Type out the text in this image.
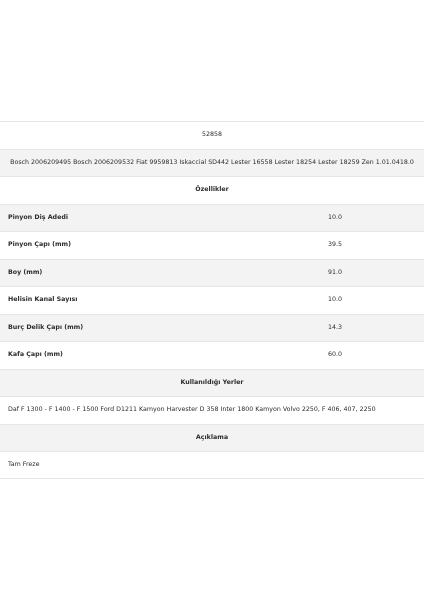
52858
Bosch 2006209495 Bosch 2006209532 Fiat 9959813 Iskaccial SD442 Lester 16558 Lester 18254 Lester 18259 Zen 1.01.0418.0
Özellikler
Pinyon Diş Adedi	10.0
Pinyon Çapı (mm)	39.5
Boy (mm)	91.0
Helisin Kanal Sayısı	10.0
Burç Delik Çapı (mm)	14.3
Kafa Çapı (mm)	60.0
Kullanıldığı Yerler
Daf F 1300 - F 1400 - F 1500 Ford D1211 Kamyon Harvester D 358 Inter 1800 Kamyon Volvo 2250, F 406, 407, 2250
Açıklama
Tam Freze
